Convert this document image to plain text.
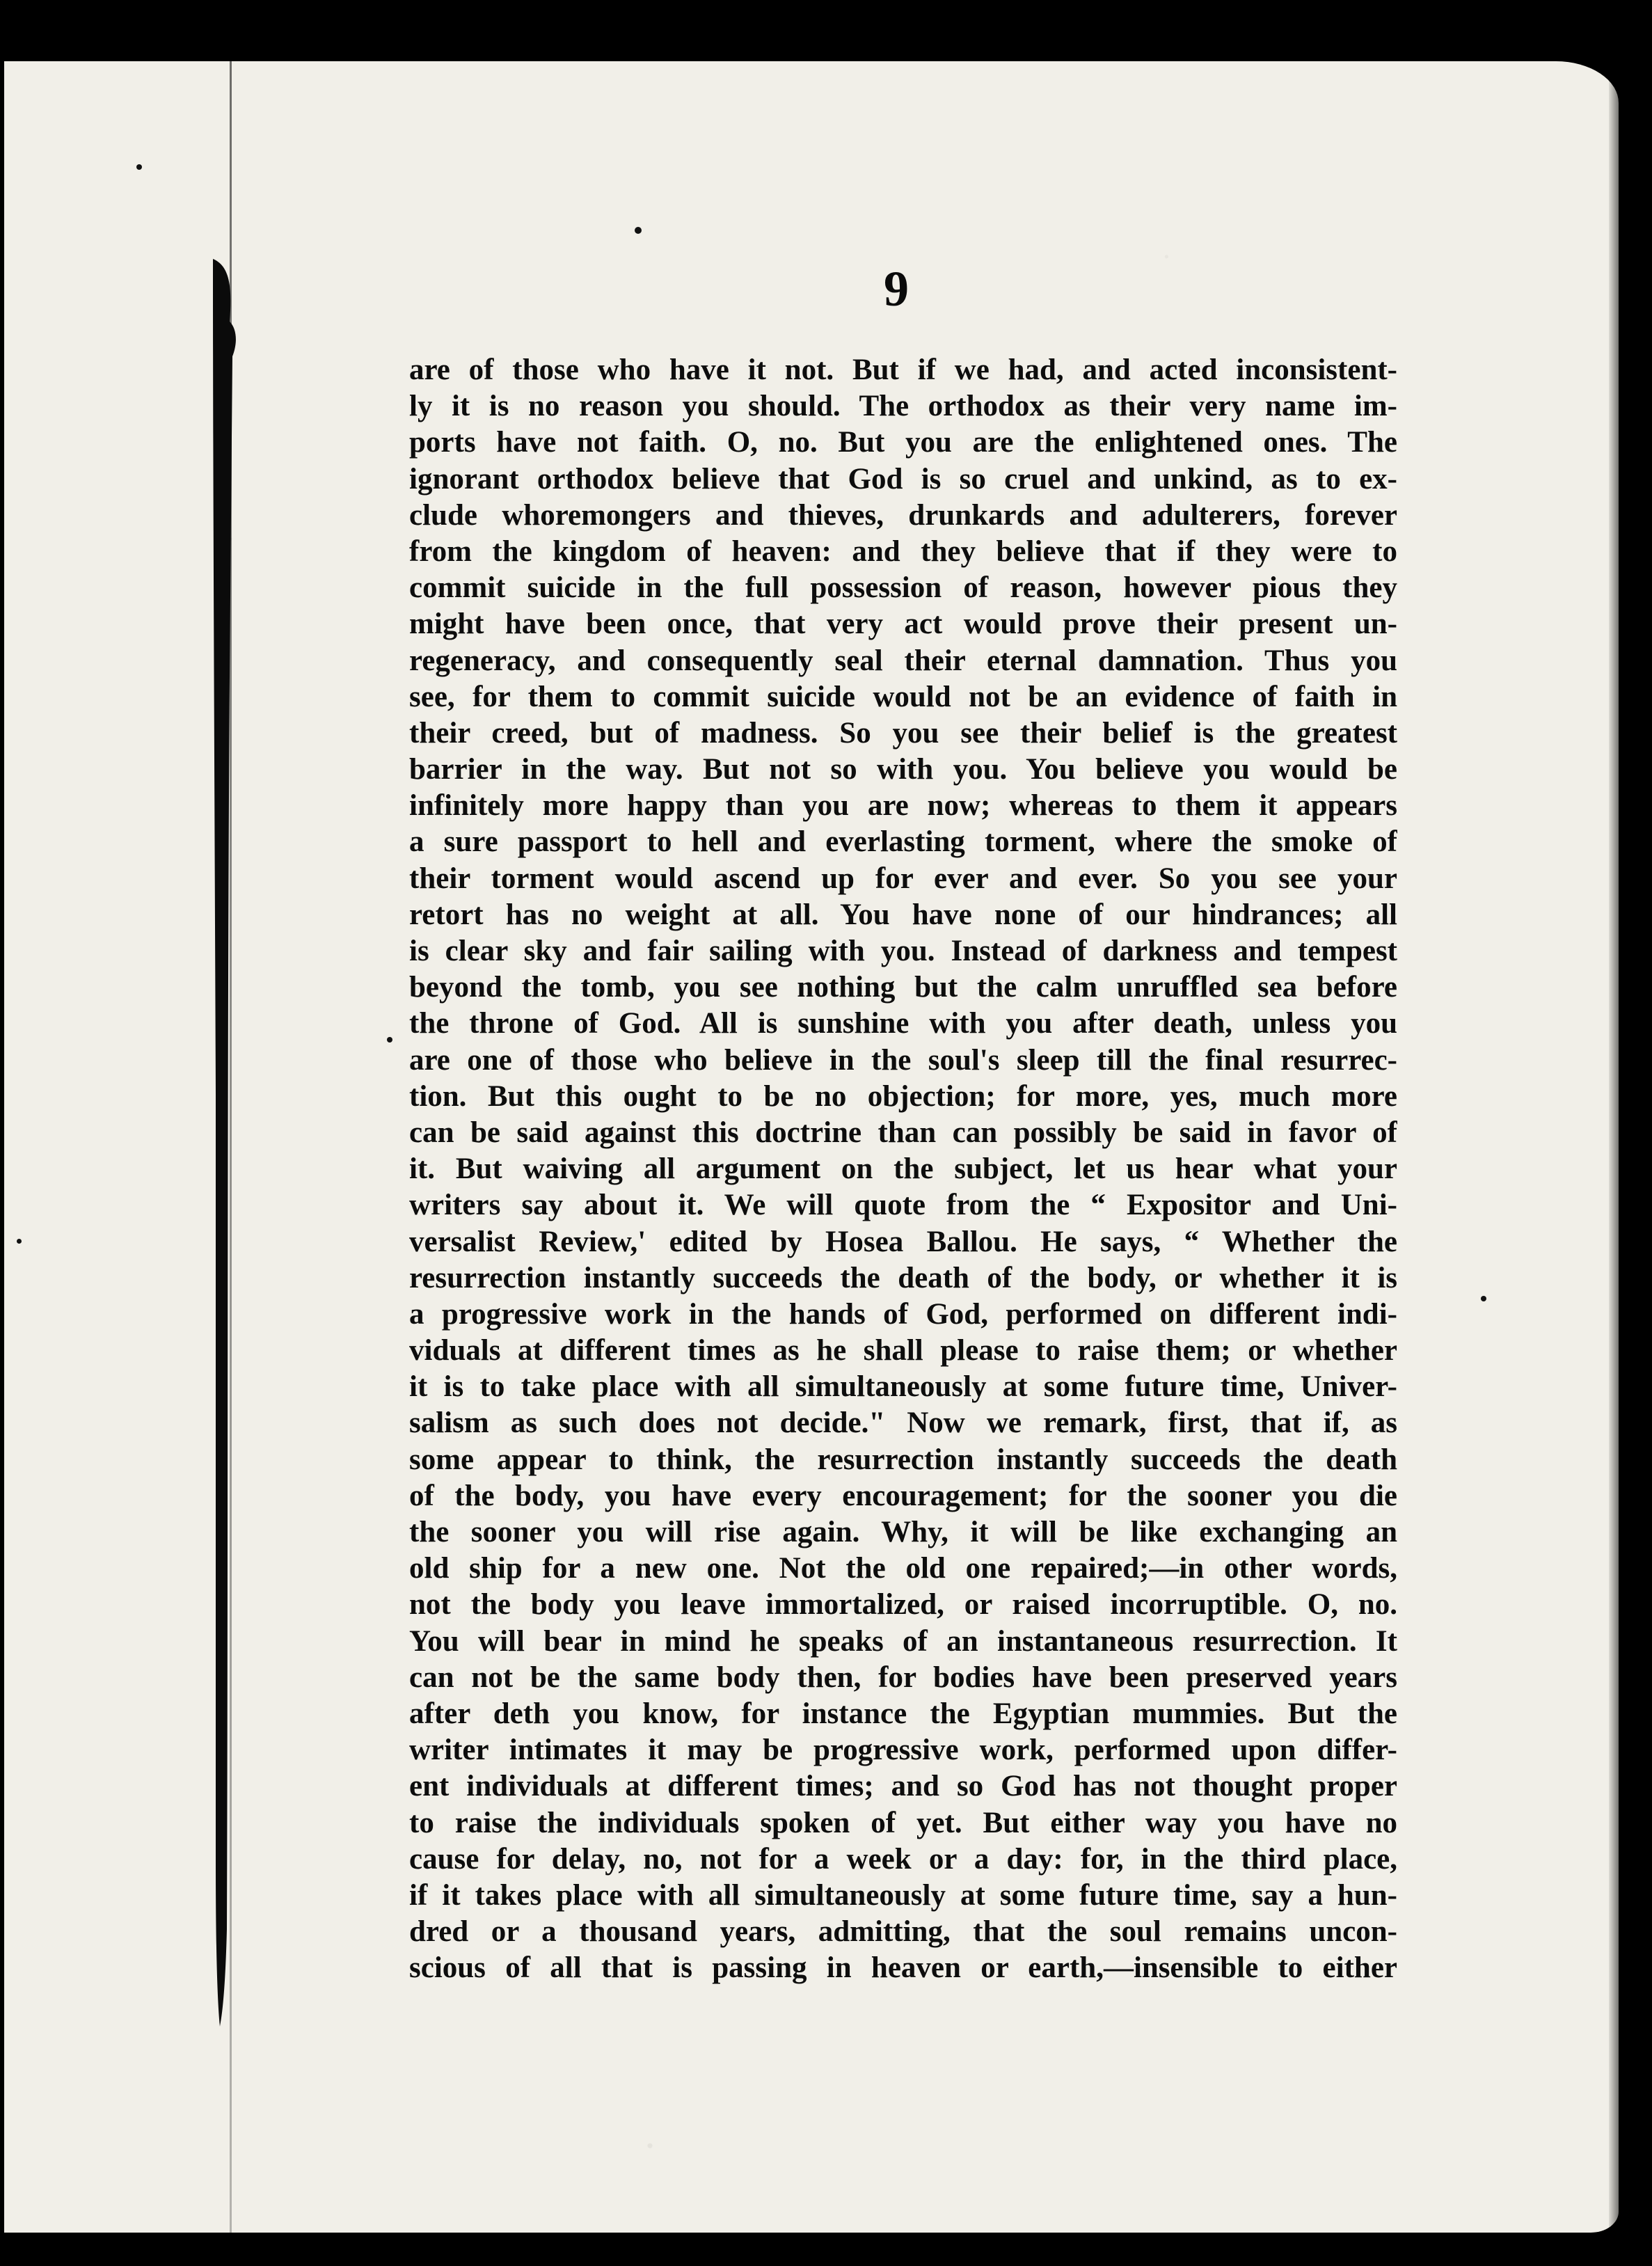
9
are of those who have it not. But if we had, and acted inconsistent-
ly it is no reason you should. The orthodox as their very name im-
ports have not faith. O, no. But you are the enlightened ones. The
ignorant orthodox believe that God is so cruel and unkind, as to ex-
clude whoremongers and thieves, drunkards and adulterers, forever
from the kingdom of heaven: and they believe that if they were to
commit suicide in the full possession of reason, however pious they
might have been once, that very act would prove their present un-
regeneracy, and consequently seal their eternal damnation. Thus you
see, for them to commit suicide would not be an evidence of faith in
their creed, but of madness. So you see their belief is the greatest
barrier in the way. But not so with you. You believe you would be
infinitely more happy than you are now; whereas to them it appears
a sure passport to hell and everlasting torment, where the smoke of
their torment would ascend up for ever and ever. So you see your
retort has no weight at all. You have none of our hindrances; all
is clear sky and fair sailing with you. Instead of darkness and tempest
beyond the tomb, you see nothing but the calm unruffled sea before
the throne of God. All is sunshine with you after death, unless you
are one of those who believe in the soul's sleep till the final resurrec-
tion. But this ought to be no objection; for more, yes, much more
can be said against this doctrine than can possibly be said in favor of
it. But waiving all argument on the subject, let us hear what your
writers say about it. We will quote from the “ Expositor and Uni-
versalist Review,' edited by Hosea Ballou. He says, “ Whether the
resurrection instantly succeeds the death of the body, or whether it is
a progressive work in the hands of God, performed on different indi-
viduals at different times as he shall please to raise them; or whether
it is to take place with all simultaneously at some future time, Univer-
salism as such does not decide." Now we remark, first, that if, as
some appear to think, the resurrection instantly succeeds the death
of the body, you have every encouragement; for the sooner you die
the sooner you will rise again. Why, it will be like exchanging an
old ship for a new one. Not the old one repaired;—in other words,
not the body you leave immortalized, or raised incorruptible. O, no.
You will bear in mind he speaks of an instantaneous resurrection. It
can not be the same body then, for bodies have been preserved years
after deth you know, for instance the Egyptian mummies. But the
writer intimates it may be progressive work, performed upon differ-
ent individuals at different times; and so God has not thought proper
to raise the individuals spoken of yet. But either way you have no
cause for delay, no, not for a week or a day: for, in the third place,
if it takes place with all simultaneously at some future time, say a hun-
dred or a thousand years, admitting, that the soul remains uncon-
scious of all that is passing in heaven or earth,—insensible to either
